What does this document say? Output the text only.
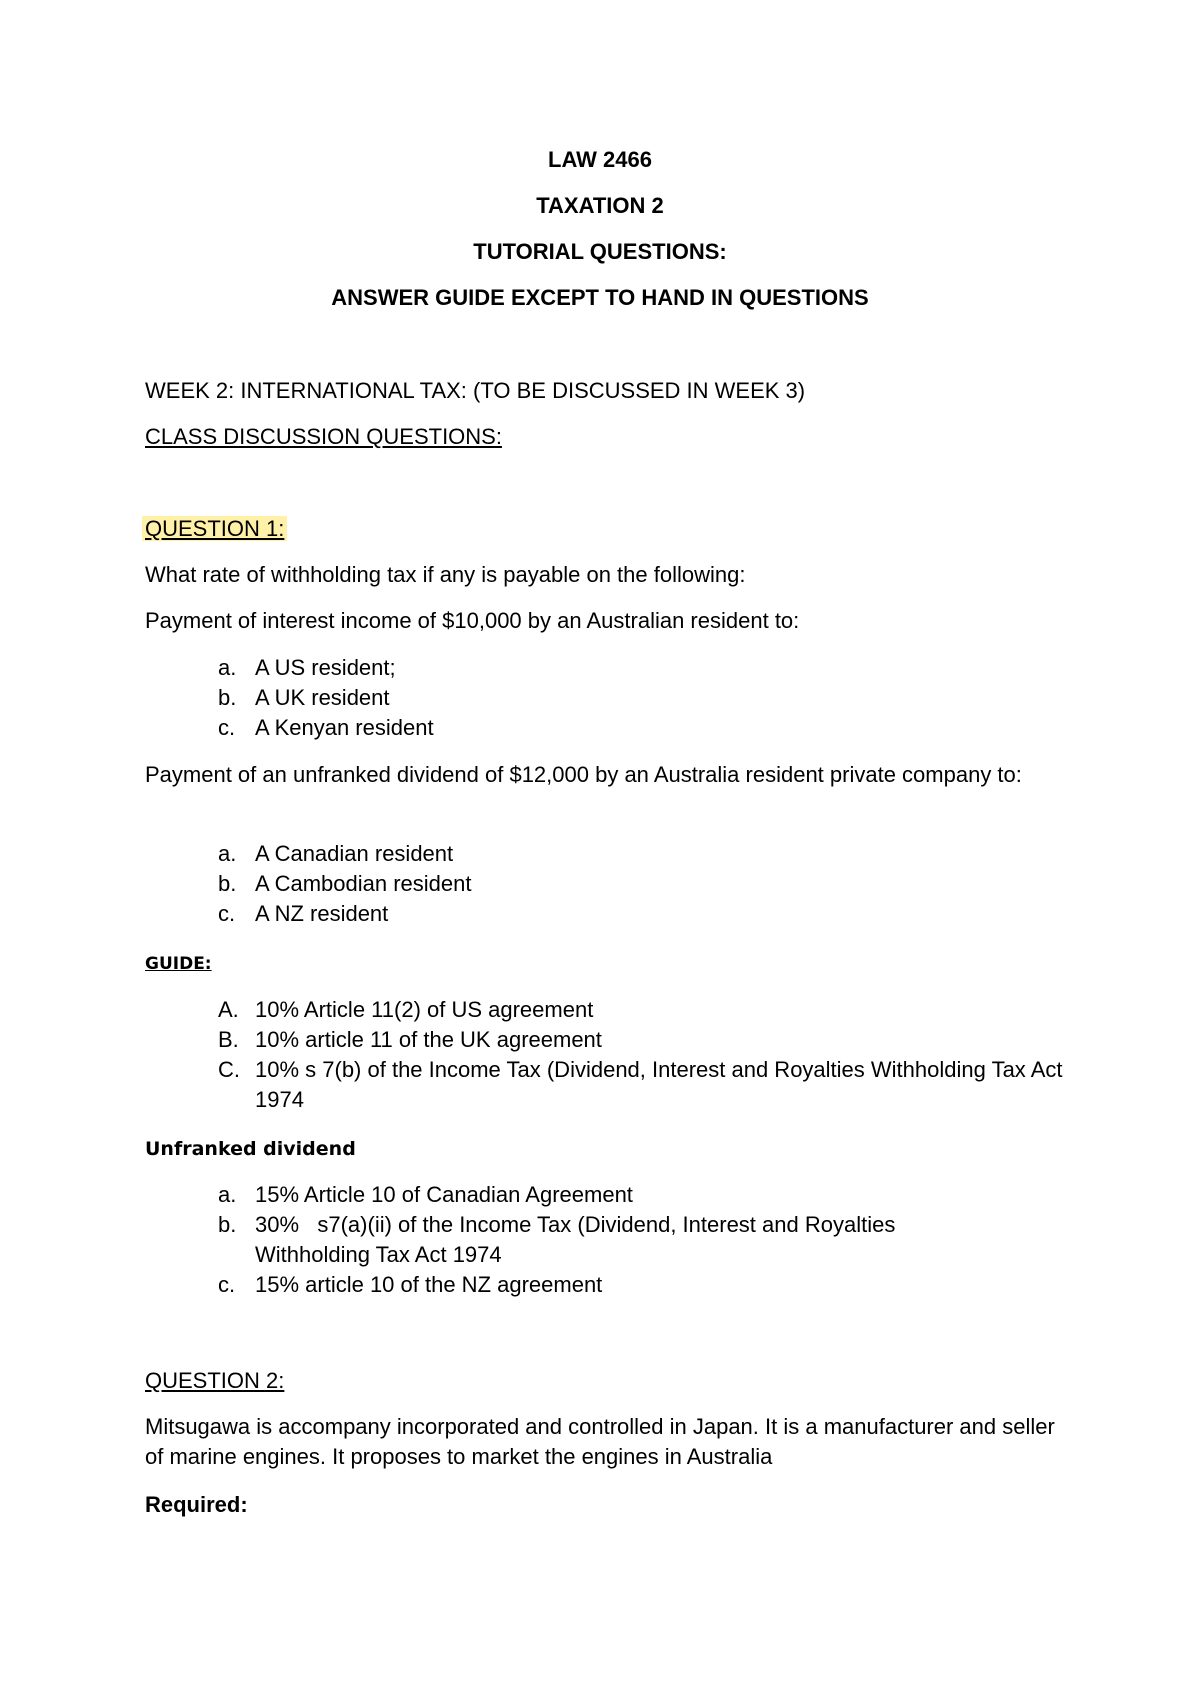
LAW 2466
TAXATION 2
TUTORIAL QUESTIONS:
ANSWER GUIDE EXCEPT TO HAND IN QUESTIONS
WEEK 2: INTERNATIONAL TAX: (TO BE DISCUSSED IN WEEK 3)
CLASS DISCUSSION QUESTIONS:
QUESTION 1:
What rate of withholding tax if any is payable on the following:
Payment of interest income of $10,000 by an Australian resident to:
a. A US resident;
b. A UK resident
c. A Kenyan resident
Payment of an unfranked dividend of $12,000 by an Australia resident private company to:
a. A Canadian resident
b. A Cambodian resident
c. A NZ resident
GUIDE:
A. 10% Article 11(2) of US agreement
B. 10% article 11 of the UK agreement
C. 10% s 7(b) of the Income Tax (Dividend, Interest and Royalties Withholding Tax Act 1974
Unfranked dividend
a. 15% Article 10 of Canadian Agreement
b. 30%   s7(a)(ii) of the Income Tax (Dividend, Interest and Royalties Withholding Tax Act 1974
c. 15% article 10 of the NZ agreement
QUESTION 2:
Mitsugawa is accompany incorporated and controlled in Japan. It is a manufacturer and seller of marine engines. It proposes to market the engines in Australia
Required:
